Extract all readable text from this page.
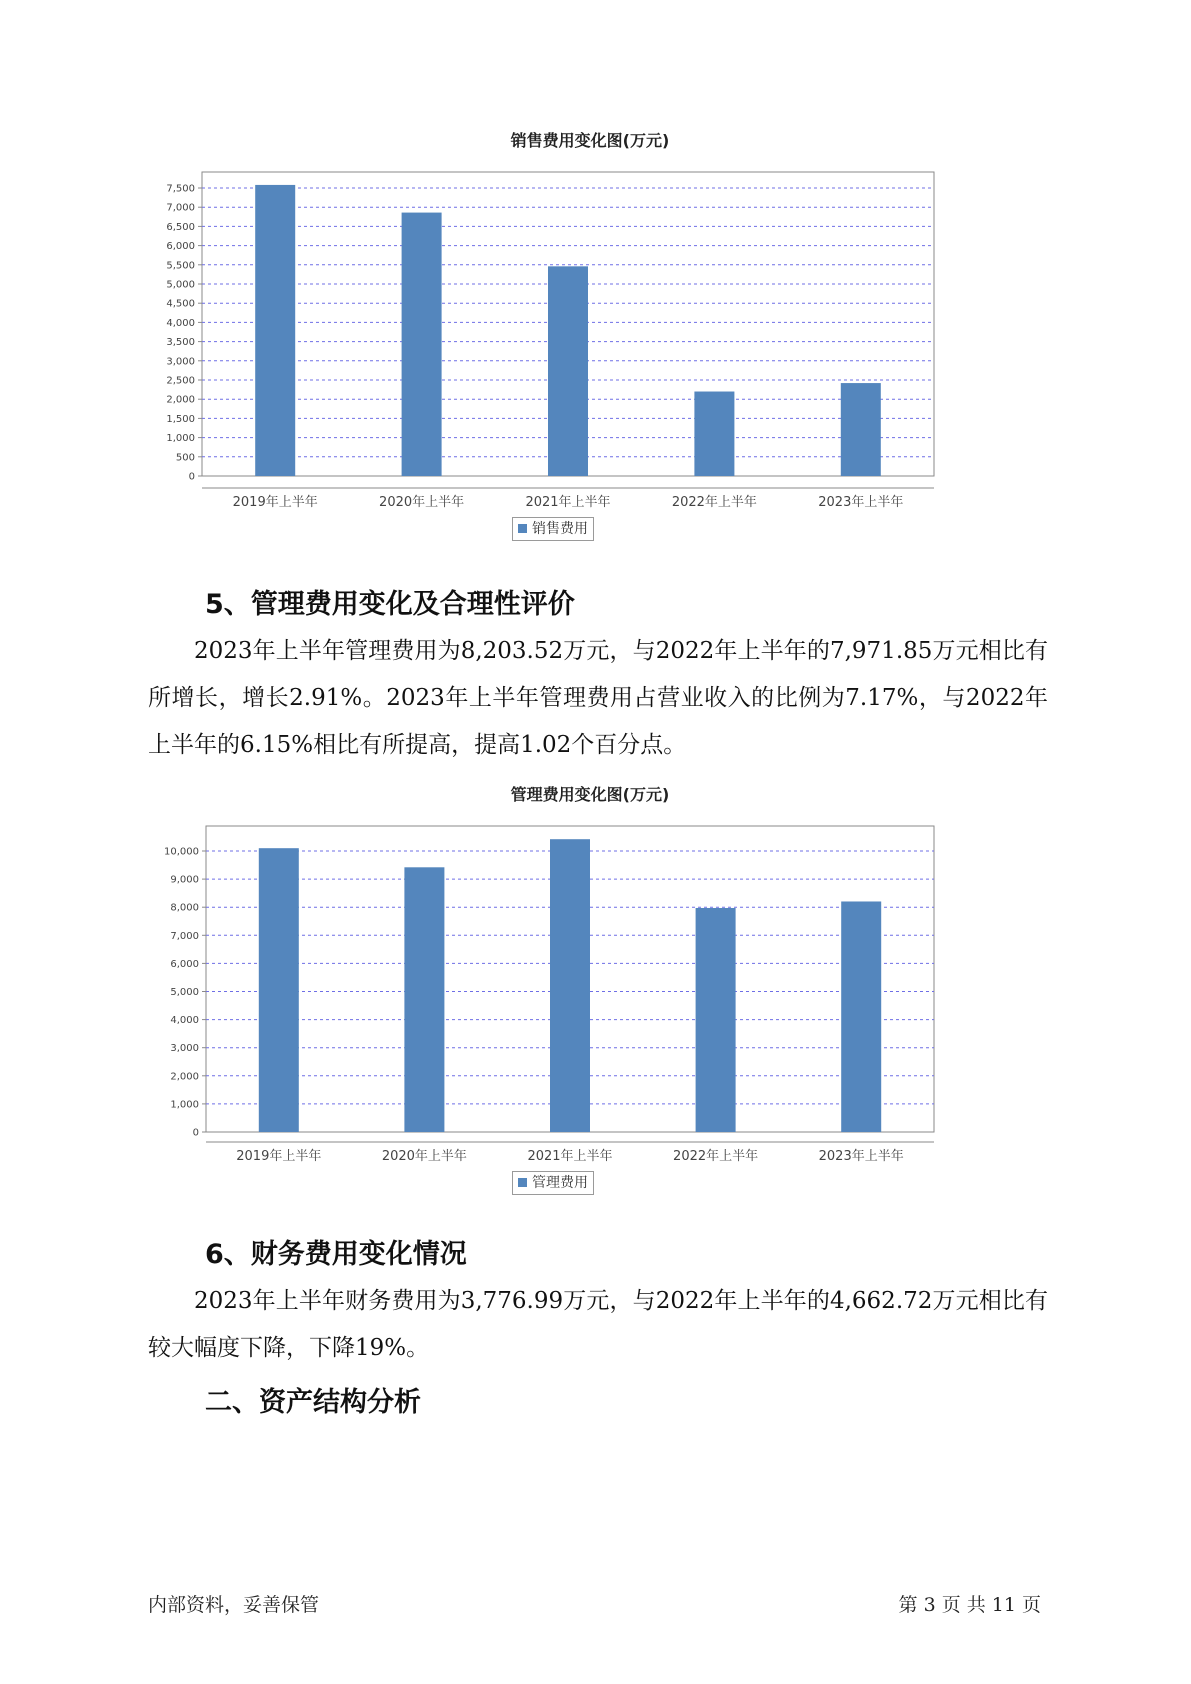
销售费用变化图(万元)
0
500
1,000
1,500
2,000
2,500
3,000
3,500
4,000
4,500
5,000
5,500
6,000
6,500
7,000
7,500
2019年上半年	2020年上半年	2021年上半年	2022年上半年	2023年上半年
销售费用
5、管理费用变化及合理性评价

2023年上半年管理费用为8,203.52万元，与2022年上半年的7,971.85万元相比有所增长，增长2.91%。2023年上半年管理费用占营业收入的比例为7.17%，与2022年上半年的6.15%相比有所提高，提高1.02个百分点。

管理费用变化图(万元)
0
1,000
2,000
3,000
4,000
5,000
6,000
7,000
8,000
9,000
10,000
2019年上半年	2020年上半年	2021年上半年	2022年上半年	2023年上半年
管理费用
6、财务费用变化情况

2023年上半年财务费用为3,776.99万元，与2022年上半年的4,662.72万元相比有较大幅度下降，下降19%。

二、资产结构分析
内部资料，妥善保管	第 3 页 共 11 页
